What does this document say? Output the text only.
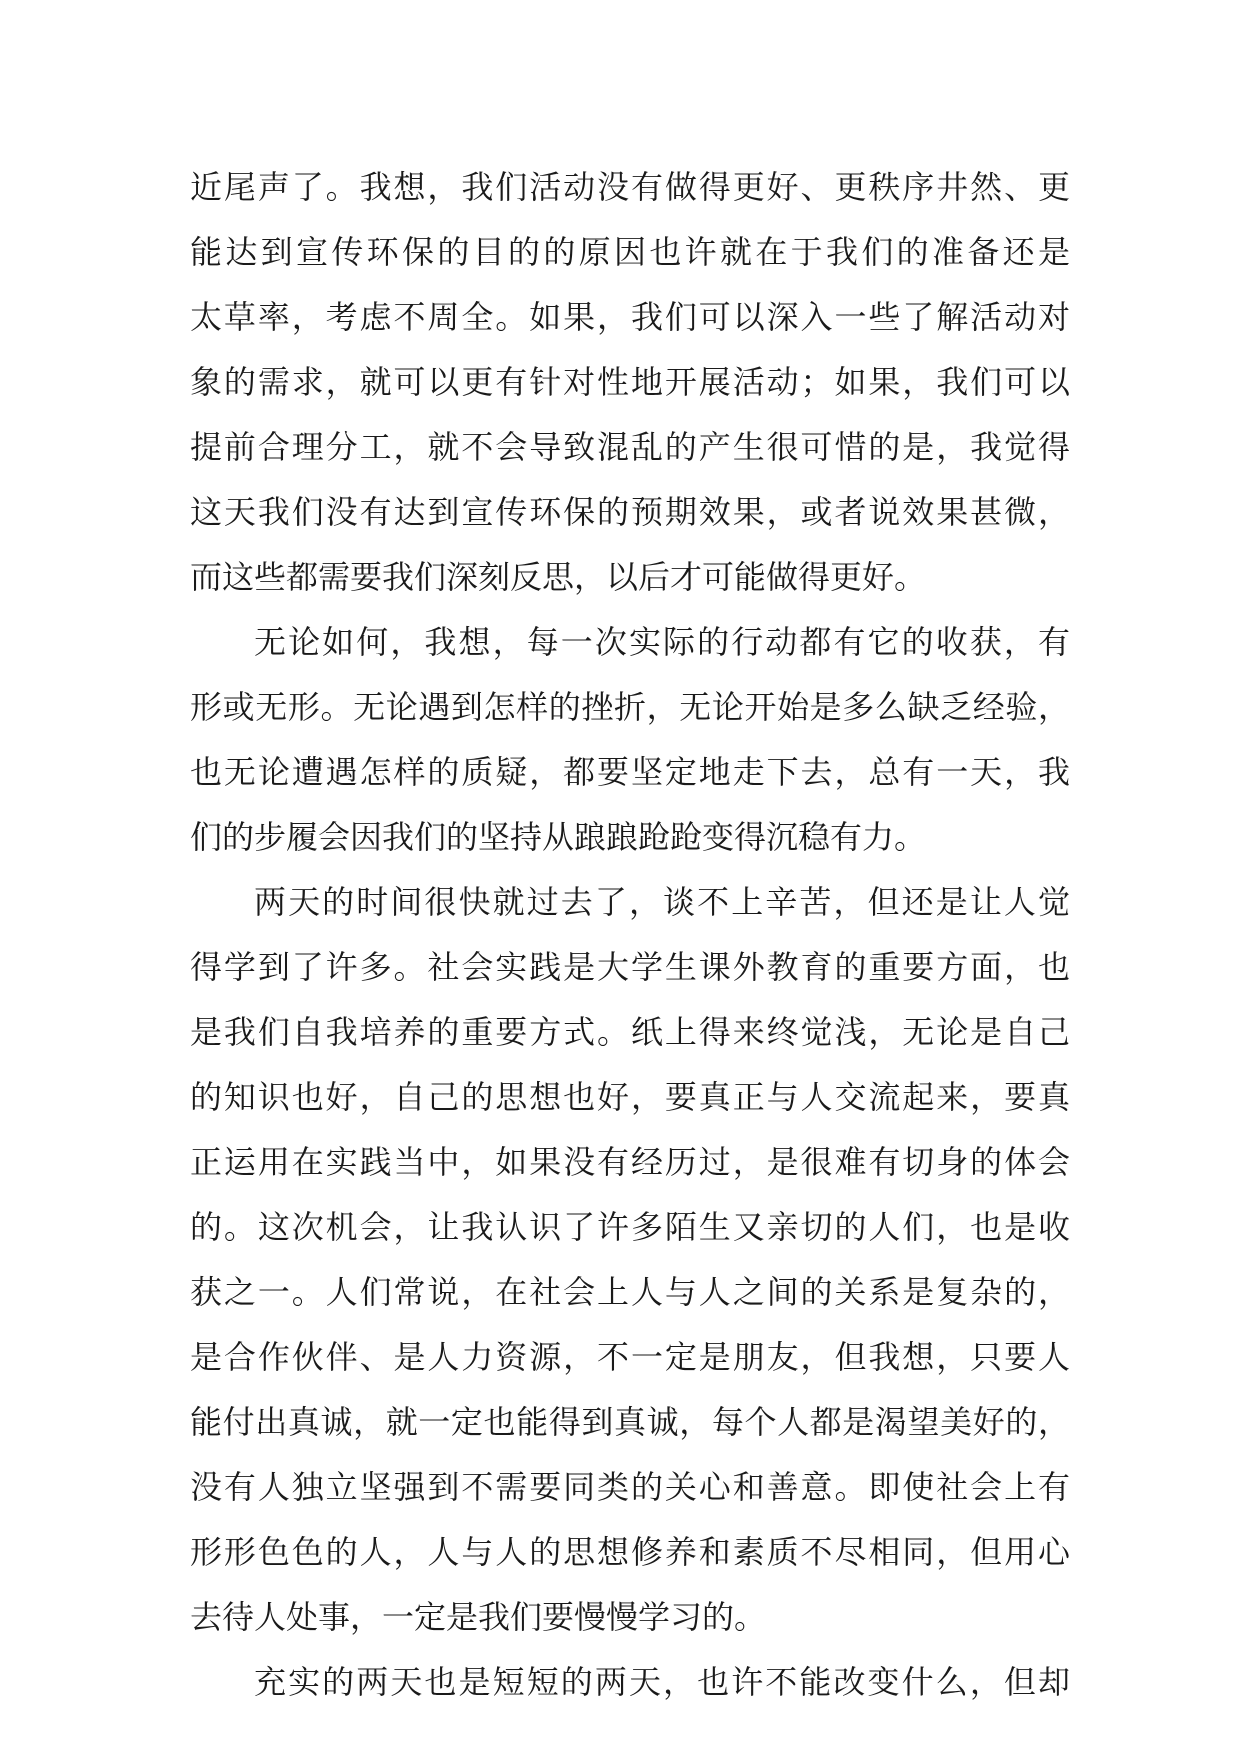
近尾声了。我想，我们活动没有做得更好、更秩序井然、更
能达到宣传环保的目的的原因也许就在于我们的准备还是
太草率，考虑不周全。如果，我们可以深入一些了解活动对
象的需求，就可以更有针对性地开展活动；如果，我们可以
提前合理分工，就不会导致混乱的产生很可惜的是，我觉得
这天我们没有达到宣传环保的预期效果，或者说效果甚微，
而这些都需要我们深刻反思，以后才可能做得更好。
无论如何，我想，每一次实际的行动都有它的收获，有
形或无形。无论遇到怎样的挫折，无论开始是多么缺乏经验，
也无论遭遇怎样的质疑，都要坚定地走下去，总有一天，我
们的步履会因我们的坚持从踉踉跄跄变得沉稳有力。
两天的时间很快就过去了，谈不上辛苦，但还是让人觉
得学到了许多。社会实践是大学生课外教育的重要方面，也
是我们自我培养的重要方式。纸上得来终觉浅，无论是自己
的知识也好，自己的思想也好，要真正与人交流起来，要真
正运用在实践当中，如果没有经历过，是很难有切身的体会
的。这次机会，让我认识了许多陌生又亲切的人们，也是收
获之一。人们常说，在社会上人与人之间的关系是复杂的，
是合作伙伴、是人力资源，不一定是朋友，但我想，只要人
能付出真诚，就一定也能得到真诚，每个人都是渴望美好的，
没有人独立坚强到不需要同类的关心和善意。即使社会上有
形形色色的人，人与人的思想修养和素质不尽相同，但用心
去待人处事，一定是我们要慢慢学习的。
充实的两天也是短短的两天，也许不能改变什么，但却
